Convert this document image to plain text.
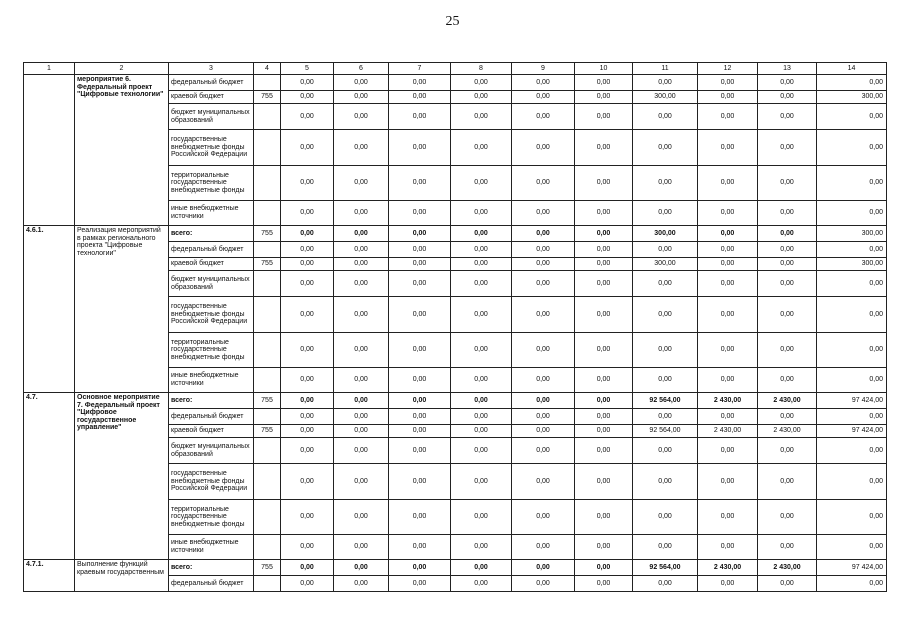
25
1	2	3	4	5	6	7	8	9	10	11	12	13	14
	мероприятие 6. Федеральный проект "Цифровые технологии"	федеральный бюджет		0,00	0,00	0,00	0,00	0,00	0,00	0,00	0,00	0,00	0,00
		краевой бюджет	755	0,00	0,00	0,00	0,00	0,00	0,00	300,00	0,00	0,00	300,00
		бюджет муниципальных образований		0,00	0,00	0,00	0,00	0,00	0,00	0,00	0,00	0,00	0,00
		государственные внебюджетные фонды Российской Федерации		0,00	0,00	0,00	0,00	0,00	0,00	0,00	0,00	0,00	0,00
		территориальные государственные внебюджетные фонды		0,00	0,00	0,00	0,00	0,00	0,00	0,00	0,00	0,00	0,00
		иные внебюджетные источники		0,00	0,00	0,00	0,00	0,00	0,00	0,00	0,00	0,00	0,00
4.6.1.	Реализация мероприятий в рамках регионального проекта "Цифровые технологии"	всего:	755	0,00	0,00	0,00	0,00	0,00	0,00	300,00	0,00	0,00	300,00
		федеральный бюджет		0,00	0,00	0,00	0,00	0,00	0,00	0,00	0,00	0,00	0,00
		краевой бюджет	755	0,00	0,00	0,00	0,00	0,00	0,00	300,00	0,00	0,00	300,00
		бюджет муниципальных образований		0,00	0,00	0,00	0,00	0,00	0,00	0,00	0,00	0,00	0,00
		государственные внебюджетные фонды Российской Федерации		0,00	0,00	0,00	0,00	0,00	0,00	0,00	0,00	0,00	0,00
		территориальные государственные внебюджетные фонды		0,00	0,00	0,00	0,00	0,00	0,00	0,00	0,00	0,00	0,00
		иные внебюджетные источники		0,00	0,00	0,00	0,00	0,00	0,00	0,00	0,00	0,00	0,00
4.7.	Основное мероприятие 7. Федеральный проект "Цифровое государственное управление"	всего:	755	0,00	0,00	0,00	0,00	0,00	0,00	92 564,00	2 430,00	2 430,00	97 424,00
		федеральный бюджет		0,00	0,00	0,00	0,00	0,00	0,00	0,00	0,00	0,00	0,00
		краевой бюджет	755	0,00	0,00	0,00	0,00	0,00	0,00	92 564,00	2 430,00	2 430,00	97 424,00
		бюджет муниципальных образований		0,00	0,00	0,00	0,00	0,00	0,00	0,00	0,00	0,00	0,00
		государственные внебюджетные фонды Российской Федерации		0,00	0,00	0,00	0,00	0,00	0,00	0,00	0,00	0,00	0,00
		территориальные государственные внебюджетные фонды		0,00	0,00	0,00	0,00	0,00	0,00	0,00	0,00	0,00	0,00
		иные внебюджетные источники		0,00	0,00	0,00	0,00	0,00	0,00	0,00	0,00	0,00	0,00
4.7.1.	Выполнение функций краевым государственным	всего:	755	0,00	0,00	0,00	0,00	0,00	0,00	92 564,00	2 430,00	2 430,00	97 424,00
		федеральный бюджет		0,00	0,00	0,00	0,00	0,00	0,00	0,00	0,00	0,00	0,00
